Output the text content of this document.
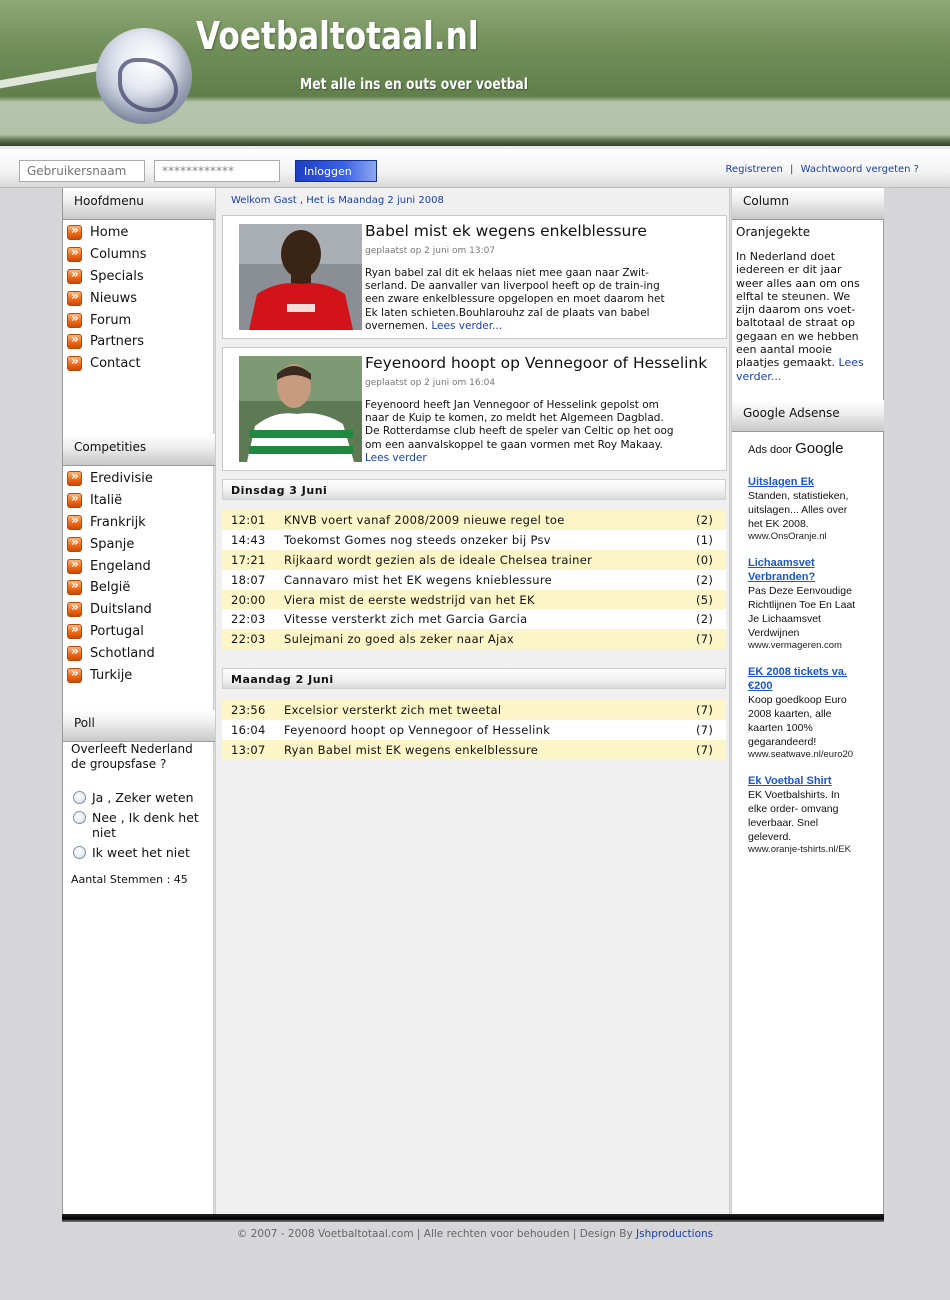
Voetbaltotaal.nl
Met alle ins en outs over voetbal
Gebruikersnaam
************
Inloggen	Registreren | Wachtwoord vergeten ?
Hoofdmenu
»
Home
»
Columns
»
Specials
»
Nieuws
»
Forum
»
Partners
»
Contact
Competities
»
Eredivisie
»
Italië
»
Frankrijk
»
Spanje
»
Engeland
»
België
»
Duitsland
»
Portugal
»
Schotland
»
Turkije
Poll
Overleeft Nederland de groupsfase ?
Ja , Zeker weten
Nee , Ik denk het niet
Ik weet het niet
Aantal Stemmen : 45
Welkom Gast , Het is Maandag 2 juni 2008
Babel mist ek wegens enkelblessure
geplaatst op 2 juni om 13:07
Ryan babel zal dit ek helaas niet mee gaan naar Zwit-serland. De aanvaller van liverpool heeft op de train-ing een zware enkelblessure opgelopen en moet daarom het Ek laten schieten.Bouhlarouhz zal de plaats van babel overnemen. Lees verder...
Feyenoord hoopt op Vennegoor of Hesselink
geplaatst op 2 juni om 16:04
Feyenoord heeft Jan Vennegoor of Hesselink gepolst om naar de Kuip te komen, zo meldt het Algemeen Dagblad. De Rotterdamse club heeft de speler van Celtic op het oog om een aanvalskoppel te gaan vormen met Roy Makaay. Lees verder
Dinsdag 3 Juni
12:01	KNVB voert vanaf 2008/2009 nieuwe regel toe	(2)
14:43	Toekomst Gomes nog steeds onzeker bij Psv	(1)
17:21	Rijkaard wordt gezien als de ideale Chelsea trainer	(0)
18:07	Cannavaro mist het EK wegens knieblessure	(2)
20:00	Viera mist de eerste wedstrijd van het EK	(5)
22:03	Vitesse versterkt zich met Garcia Garcia	(2)
22:03	Sulejmani zo goed als zeker naar Ajax	(7)
Maandag 2 Juni
23:56	Excelsior versterkt zich met tweetal	(7)
16:04	Feyenoord hoopt op Vennegoor of Hesselink	(7)
13:07	Ryan Babel mist EK wegens enkelblessure	(7)
Column
Oranjegekte
In Nederland doet iedereen er dit jaar weer alles aan om ons elftal te steunen. We zijn daarom ons voet-baltotaal de straat op gegaan en we hebben een aantal mooie plaatjes gemaakt. Lees verder...
Google Adsense
Ads door Google
Uitslagen Ek
Standen, statistieken, uitslagen... Alles over het EK 2008.
www.OnsOranje.nl
Lichaamsvet Verbranden?
Pas Deze Eenvoudige Richtlijnen Toe En Laat Je Lichaamsvet Verdwijnen
www.vermageren.com
EK 2008 tickets va. €200
Koop goedkoop Euro 2008 kaarten, alle kaarten 100% gegarandeerd!
www.seatwave.nl/euro20
Ek Voetbal Shirt
EK Voetbalshirts. In elke order- omvang leverbaar. Snel geleverd.
www.oranje-tshirts.nl/EK
© 2007 - 2008 Voetbaltotaal.com | Alle rechten voor behouden | Design By Jshproductions
